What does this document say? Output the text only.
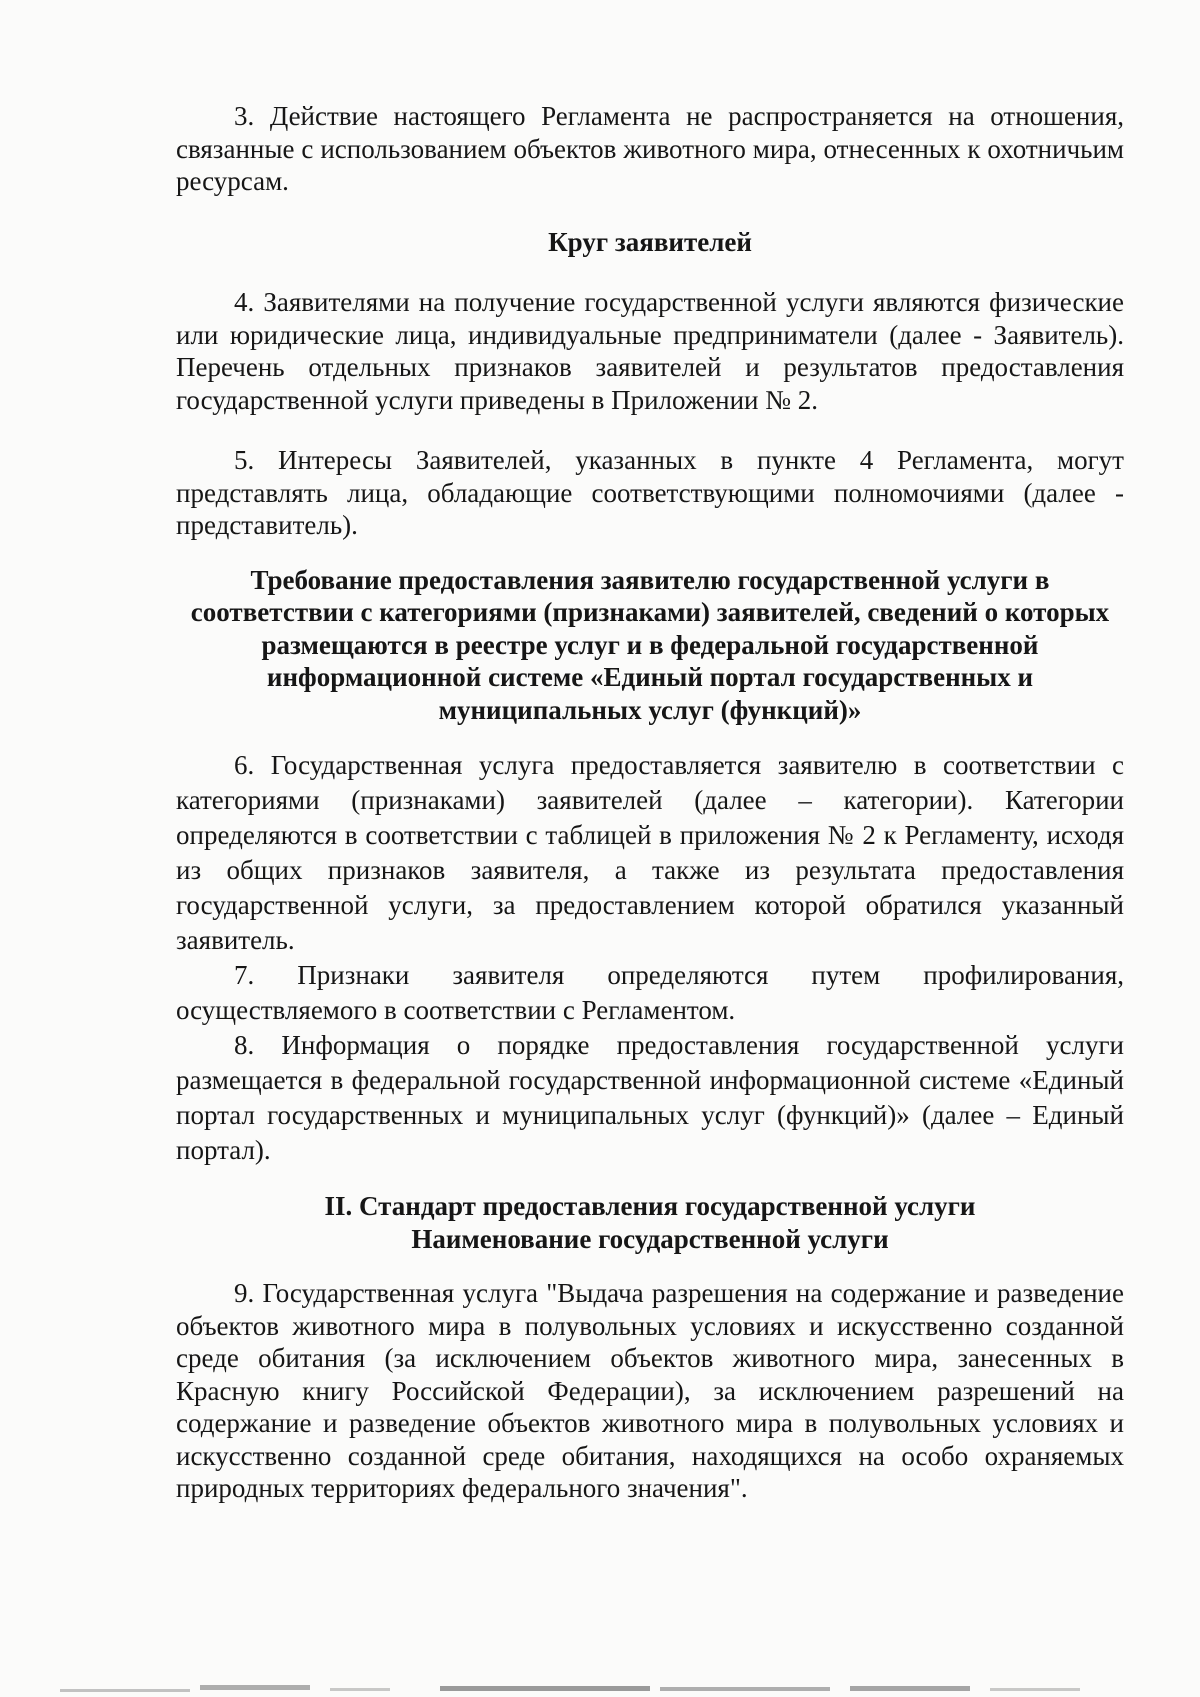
3. Действие настоящего Регламента не распространяется на отношения, связанные с использованием объектов животного мира, отнесенных к охотничьим ресурсам.

Круг заявителей

4. Заявителями на получение государственной услуги являются физические или юридические лица, индивидуальные предприниматели (далее - Заявитель). Перечень отдельных признаков заявителей и результатов предоставления государственной услуги приведены в Приложении № 2.

5. Интересы Заявителей, указанных в пункте 4 Регламента, могут представлять лица, обладающие соответствующими полномочиями (далее - представитель).

Требование предоставления заявителю государственной услуги в соответствии с категориями (признаками) заявителей, сведений о которых размещаются в реестре услуг и в федеральной государственной информационной системе «Единый портал государственных и муниципальных услуг (функций)»

6. Государственная услуга предоставляется заявителю в соответствии с категориями (признаками) заявителей (далее – категории). Категории определяются в соответствии с таблицей в приложения № 2 к Регламенту, исходя из общих признаков заявителя, а также из результата предоставления государственной услуги, за предоставлением которой обратился указанный заявитель.

7. Признаки заявителя определяются путем профилирования, осуществляемого в соответствии с Регламентом.

8. Информация о порядке предоставления государственной услуги размещается в федеральной государственной информационной системе «Единый портал государственных и муниципальных услуг (функций)» (далее – Единый портал).

II. Стандарт предоставления государственной услуги

Наименование государственной услуги

9. Государственная услуга "Выдача разрешения на содержание и разведение объектов животного мира в полувольных условиях и искусственно созданной среде обитания (за исключением объектов животного мира, занесенных в Красную книгу Российской Федерации), за исключением разрешений на содержание и разведение объектов животного мира в полувольных условиях и искусственно созданной среде обитания, находящихся на особо охраняемых природных территориях федерального значения".
